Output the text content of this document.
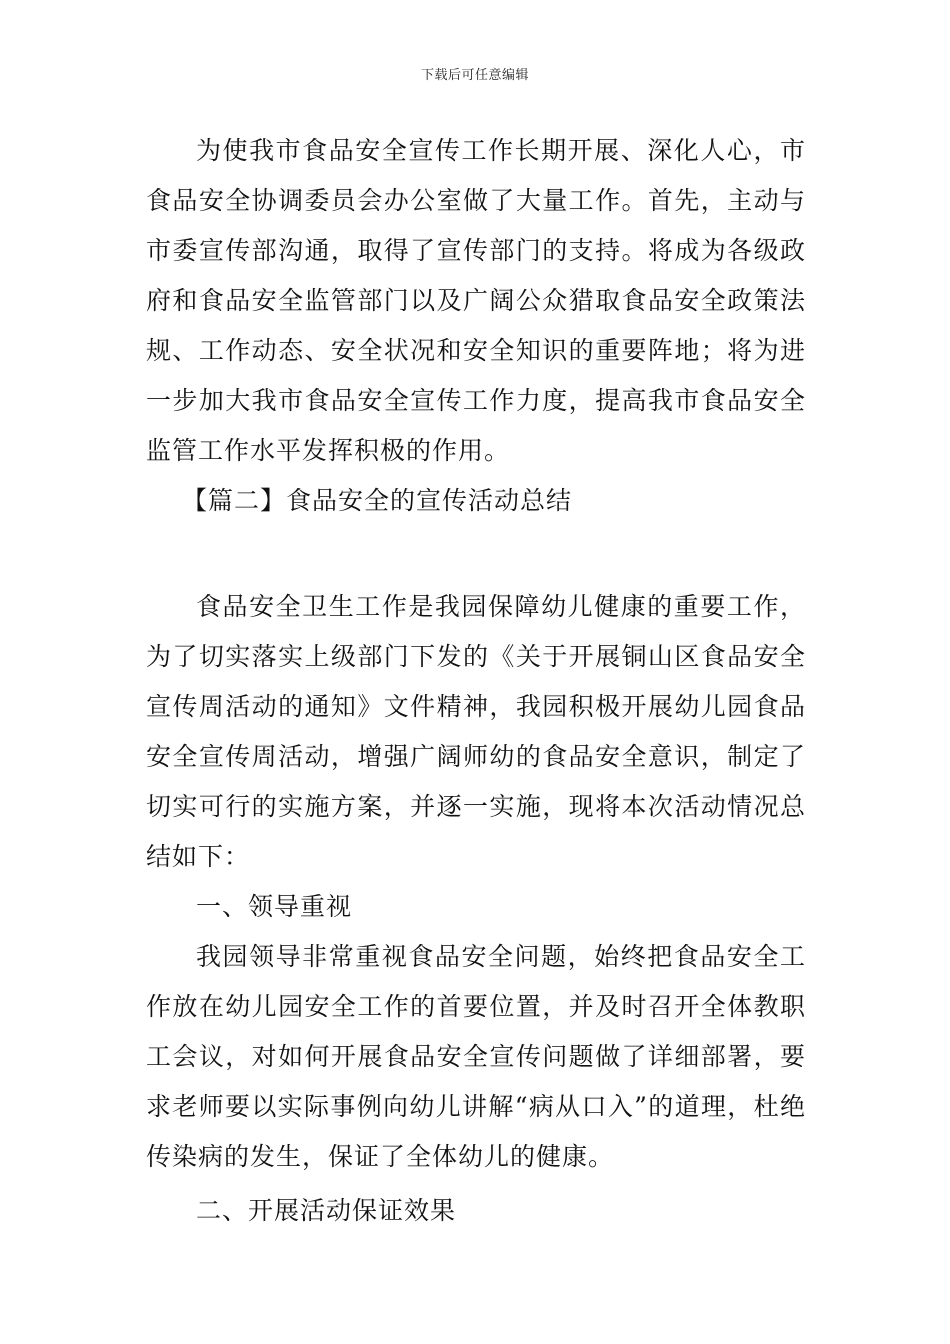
下载后可任意编辑

为使我市食品安全宣传工作长期开展、深化人心，市食品安全协调委员会办公室做了大量工作。首先，主动与市委宣传部沟通，取得了宣传部门的支持。将成为各级政府和食品安全监管部门以及广阔公众猎取食品安全政策法规、工作动态、安全状况和安全知识的重要阵地；将为进一步加大我市食品安全宣传工作力度，提高我市食品安全监管工作水平发挥积极的作用。

【篇二】食品安全的宣传活动总结

食品安全卫生工作是我园保障幼儿健康的重要工作，为了切实落实上级部门下发的《关于开展铜山区食品安全宣传周活动的通知》文件精神，我园积极开展幼儿园食品安全宣传周活动，增强广阔师幼的食品安全意识，制定了切实可行的实施方案，并逐一实施，现将本次活动情况总结如下：

一、领导重视

我园领导非常重视食品安全问题，始终把食品安全工作放在幼儿园安全工作的首要位置，并及时召开全体教职工会议，对如何开展食品安全宣传问题做了详细部署，要求老师要以实际事例向幼儿讲解“病从口入”的道理，杜绝传染病的发生，保证了全体幼儿的健康。

二、开展活动保证效果
